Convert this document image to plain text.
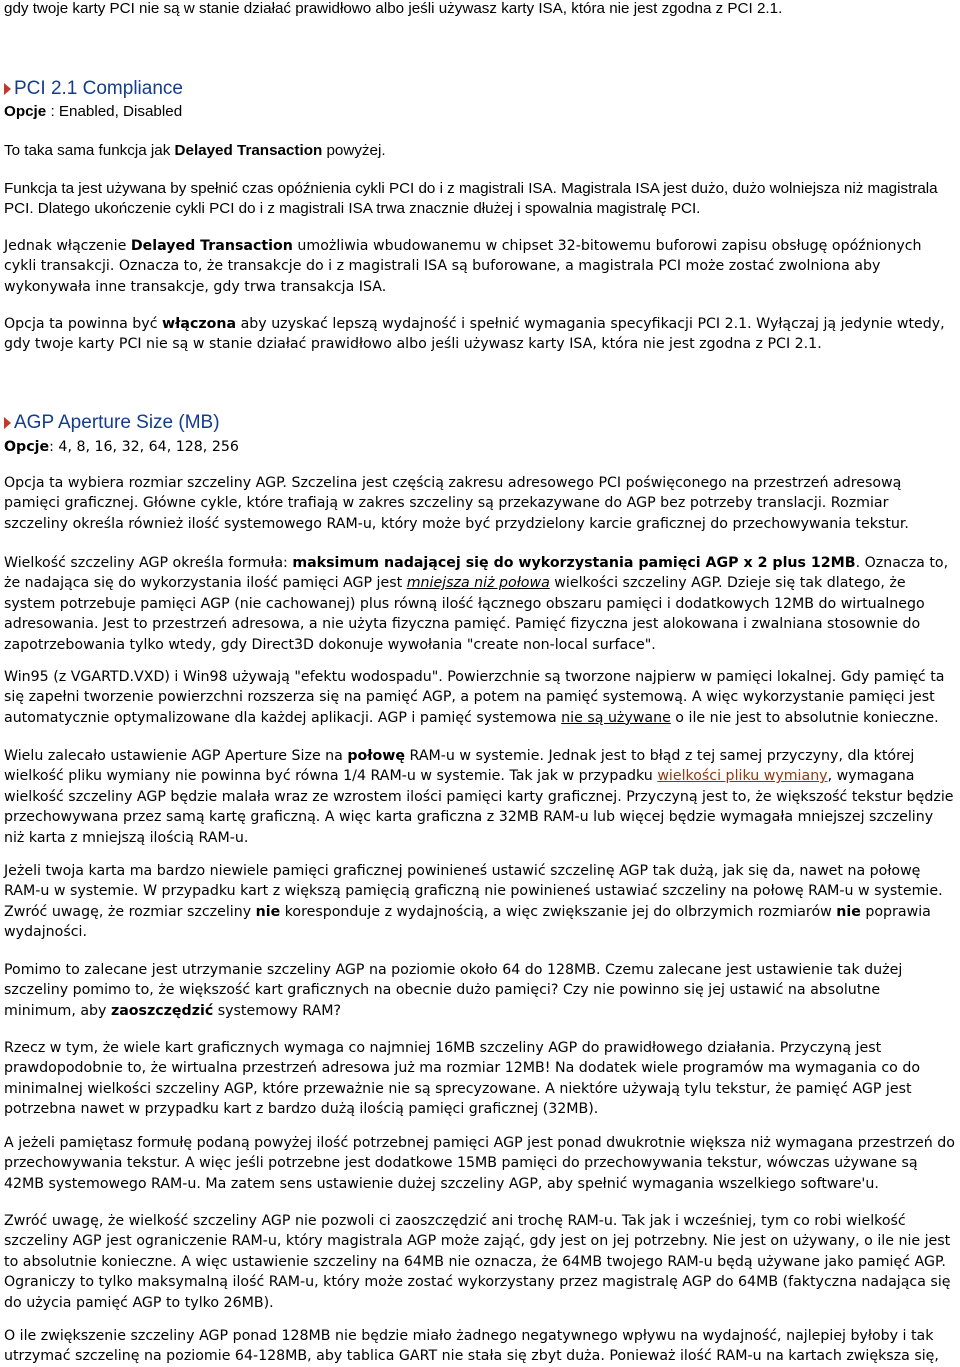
gdy twoje karty PCI nie są w stanie działać prawidłowo albo jeśli używasz karty ISA, która nie jest zgodna z PCI 2.1.

PCI 2.1 Compliance

Opcje : Enabled, Disabled

To taka sama funkcja jak Delayed Transaction powyżej.

Funkcja ta jest używana by spełnić czas opóźnienia cykli PCI do i z magistrali ISA. Magistrala ISA jest dużo, dużo wolniejsza niż magistrala PCI. Dlatego ukończenie cykli PCI do i z magistrali ISA trwa znacznie dłużej i spowalnia magistralę PCI.

Jednak włączenie Delayed Transaction umożliwia wbudowanemu w chipset 32-bitowemu buforowi zapisu obsługę opóźnionych cykli transakcji. Oznacza to, że transakcje do i z magistrali ISA są buforowane, a magistrala PCI może zostać zwolniona aby wykonywała inne transakcje, gdy trwa transakcja ISA.

Opcja ta powinna być włączona aby uzyskać lepszą wydajność i spełnić wymagania specyfikacji PCI 2.1. Wyłączaj ją jedynie wtedy, gdy twoje karty PCI nie są w stanie działać prawidłowo albo jeśli używasz karty ISA, która nie jest zgodna z PCI 2.1.

AGP Aperture Size (MB)

Opcje: 4, 8, 16, 32, 64, 128, 256

Opcja ta wybiera rozmiar szczeliny AGP. Szczelina jest częścią zakresu adresowego PCI poświęconego na przestrzeń adresową pamięci graficznej. Główne cykle, które trafiają w zakres szczeliny są przekazywane do AGP bez potrzeby translacji. Rozmiar szczeliny określa również ilość systemowego RAM-u, który może być przydzielony karcie graficznej do przechowywania tekstur.

Wielkość szczeliny AGP określa formuła: maksimum nadającej się do wykorzystania pamięci AGP x 2 plus 12MB. Oznacza to, że nadająca się do wykorzystania ilość pamięci AGP jest mniejsza niż połowa wielkości szczeliny AGP. Dzieje się tak dlatego, że system potrzebuje pamięci AGP (nie cachowanej) plus równą ilość łącznego obszaru pamięci i dodatkowych 12MB do wirtualnego adresowania. Jest to przestrzeń adresowa, a nie użyta fizyczna pamięć. Pamięć fizyczna jest alokowana i zwalniana stosownie do zapotrzebowania tylko wtedy, gdy Direct3D dokonuje wywołania "create non-local surface".

Win95 (z VGARTD.VXD) i Win98 używają "efektu wodospadu". Powierzchnie są tworzone najpierw w pamięci lokalnej. Gdy pamięć ta się zapełni tworzenie powierzchni rozszerza się na pamięć AGP, a potem na pamięć systemową. A więc wykorzystanie pamięci jest automatycznie optymalizowane dla każdej aplikacji. AGP i pamięć systemowa nie są używane o ile nie jest to absolutnie konieczne.

Wielu zalecało ustawienie AGP Aperture Size na połowę RAM-u w systemie. Jednak jest to błąd z tej samej przyczyny, dla której wielkość pliku wymiany nie powinna być równa 1/4 RAM-u w systemie. Tak jak w przypadku wielkości pliku wymiany, wymagana wielkość szczeliny AGP będzie malała wraz ze wzrostem ilości pamięci karty graficznej. Przyczyną jest to, że większość tekstur będzie przechowywana przez samą kartę graficzną. A więc karta graficzna z 32MB RAM-u lub więcej będzie wymagała mniejszej szczeliny niż karta z mniejszą ilością RAM-u.

Jeżeli twoja karta ma bardzo niewiele pamięci graficznej powinieneś ustawić szczelinę AGP tak dużą, jak się da, nawet na połowę RAM-u w systemie. W przypadku kart z większą pamięcią graficzną nie powinieneś ustawiać szczeliny na połowę RAM-u w systemie. Zwróć uwagę, że rozmiar szczeliny nie koresponduje z wydajnością, a więc zwiększanie jej do olbrzymich rozmiarów nie poprawia wydajności.

Pomimo to zalecane jest utrzymanie szczeliny AGP na poziomie około 64 do 128MB. Czemu zalecane jest ustawienie tak dużej szczeliny pomimo to, że większość kart graficznych na obecnie dużo pamięci? Czy nie powinno się jej ustawić na absolutne minimum, aby zaoszczędzić systemowy RAM?

Rzecz w tym, że wiele kart graficznych wymaga co najmniej 16MB szczeliny AGP do prawidłowego działania. Przyczyną jest prawdopodobnie to, że wirtualna przestrzeń adresowa już ma rozmiar 12MB! Na dodatek wiele programów ma wymagania co do minimalnej wielkości szczeliny AGP, które przeważnie nie są sprecyzowane. A niektóre używają tylu tekstur, że pamięć AGP jest potrzebna nawet w przypadku kart z bardzo dużą ilością pamięci graficznej (32MB).

A jeżeli pamiętasz formułę podaną powyżej ilość potrzebnej pamięci AGP jest ponad dwukrotnie większa niż wymagana przestrzeń do przechowywania tekstur. A więc jeśli potrzebne jest dodatkowe 15MB pamięci do przechowywania tekstur, wówczas używane są 42MB systemowego RAM-u. Ma zatem sens ustawienie dużej szczeliny AGP, aby spełnić wymagania wszelkiego software'u.

Zwróć uwagę, że wielkość szczeliny AGP nie pozwoli ci zaoszczędzić ani trochę RAM-u. Tak jak i wcześniej, tym co robi wielkość szczeliny AGP jest ograniczenie RAM-u, który magistrala AGP może zająć, gdy jest on jej potrzebny. Nie jest on używany, o ile nie jest to absolutnie konieczne. A więc ustawienie szczeliny na 64MB nie oznacza, że 64MB twojego RAM-u będą używane jako pamięć AGP. Ograniczy to tylko maksymalną ilość RAM-u, który może zostać wykorzystany przez magistralę AGP do 64MB (faktyczna nadająca się do użycia pamięć AGP to tylko 26MB).

O ile zwiększenie szczeliny AGP ponad 128MB nie będzie miało żadnego negatywnego wpływu na wydajność, najlepiej byłoby i tak utrzymać szczelinę na poziomie 64-128MB, aby tablica GART nie stała się zbyt duża. Ponieważ ilość RAM-u na kartach zwiększa się,
